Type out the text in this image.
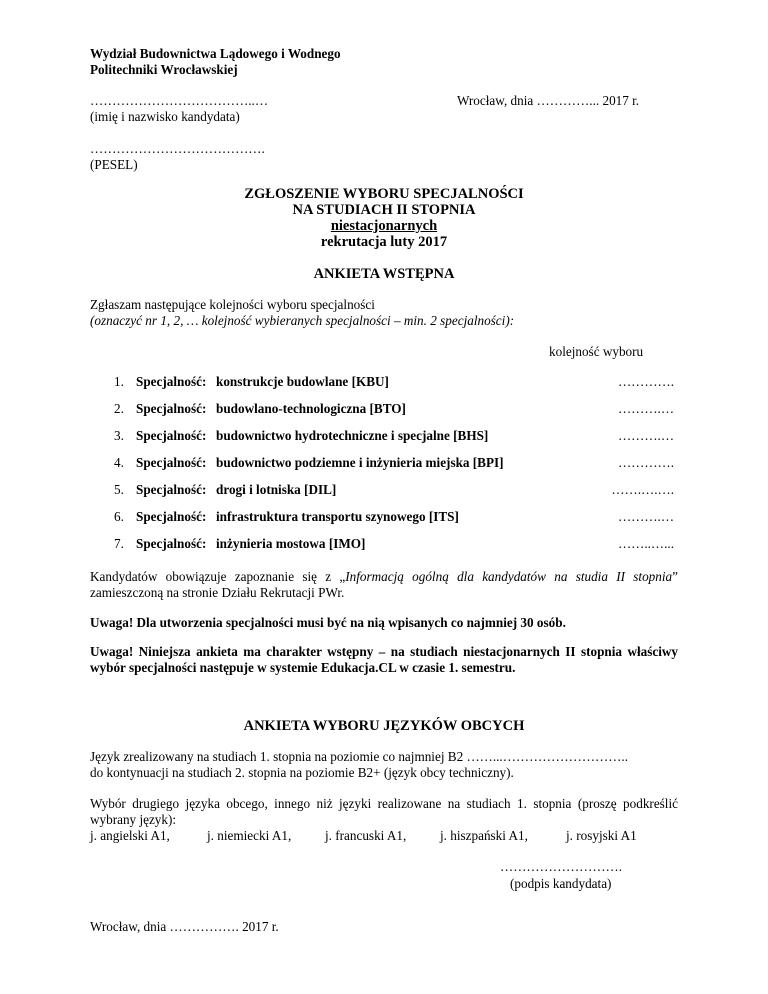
Wydział Budownictwa Lądowego i Wodnego
Politechniki Wrocławskiej
………………………………..…
(imię i nazwisko kandydata)
Wrocław, dnia …………... 2017 r.
………………………………….
(PESEL)
ZGŁOSZENIE WYBORU SPECJALNOŚCI
NA STUDIACH II STOPNIA
niestacjonarnych
rekrutacja luty 2017
ANKIETA WSTĘPNA
Zgłaszam następujące kolejności wyboru specjalności
(oznaczyć nr 1, 2, … kolejność wybieranych specjalności – min. 2 specjalności):
kolejność wyboru
1. Specjalność: konstrukcje budowlane [KBU]	………….
2. Specjalność: budowlano-technologiczna [BTO]	……….…
3. Specjalność: budownictwo hydrotechniczne i specjalne [BHS]	……….…
4. Specjalność: budownictwo podziemne i inżynieria miejska [BPI]	………….
5. Specjalność: drogi i lotniska [DIL]	…….….….
6. Specjalność: infrastruktura transportu szynowego [ITS]	……….…
7. Specjalność: inżynieria mostowa [IMO]	……..…...
Kandydatów obowiązuje zapoznanie się z „Informacją ogólną dla kandydatów na studia II stopnia” zamieszczoną na stronie Działu Rekrutacji PWr.
Uwaga! Dla utworzenia specjalności musi być na nią wpisanych co najmniej 30 osób.
Uwaga! Niniejsza ankieta ma charakter wstępny – na studiach niestacjonarnych II stopnia właściwy wybór specjalności następuje w systemie Edukacja.CL w czasie 1. semestru.
ANKIETA WYBORU JĘZYKÓW OBCYCH
Język zrealizowany na studiach 1. stopnia na poziomie co najmniej B2 ……...………………………..
do kontynuacji na studiach 2. stopnia na poziomie B2+ (język obcy techniczny).
Wybór drugiego języka obcego, innego niż języki realizowane na studiach 1. stopnia (proszę podkreślić wybrany język):
j. angielski A1,	j. niemiecki A1,	j. francuski A1,	j. hiszpański A1,	j. rosyjski A1
……………………….
(podpis kandydata)
Wrocław, dnia ……………. 2017 r.
